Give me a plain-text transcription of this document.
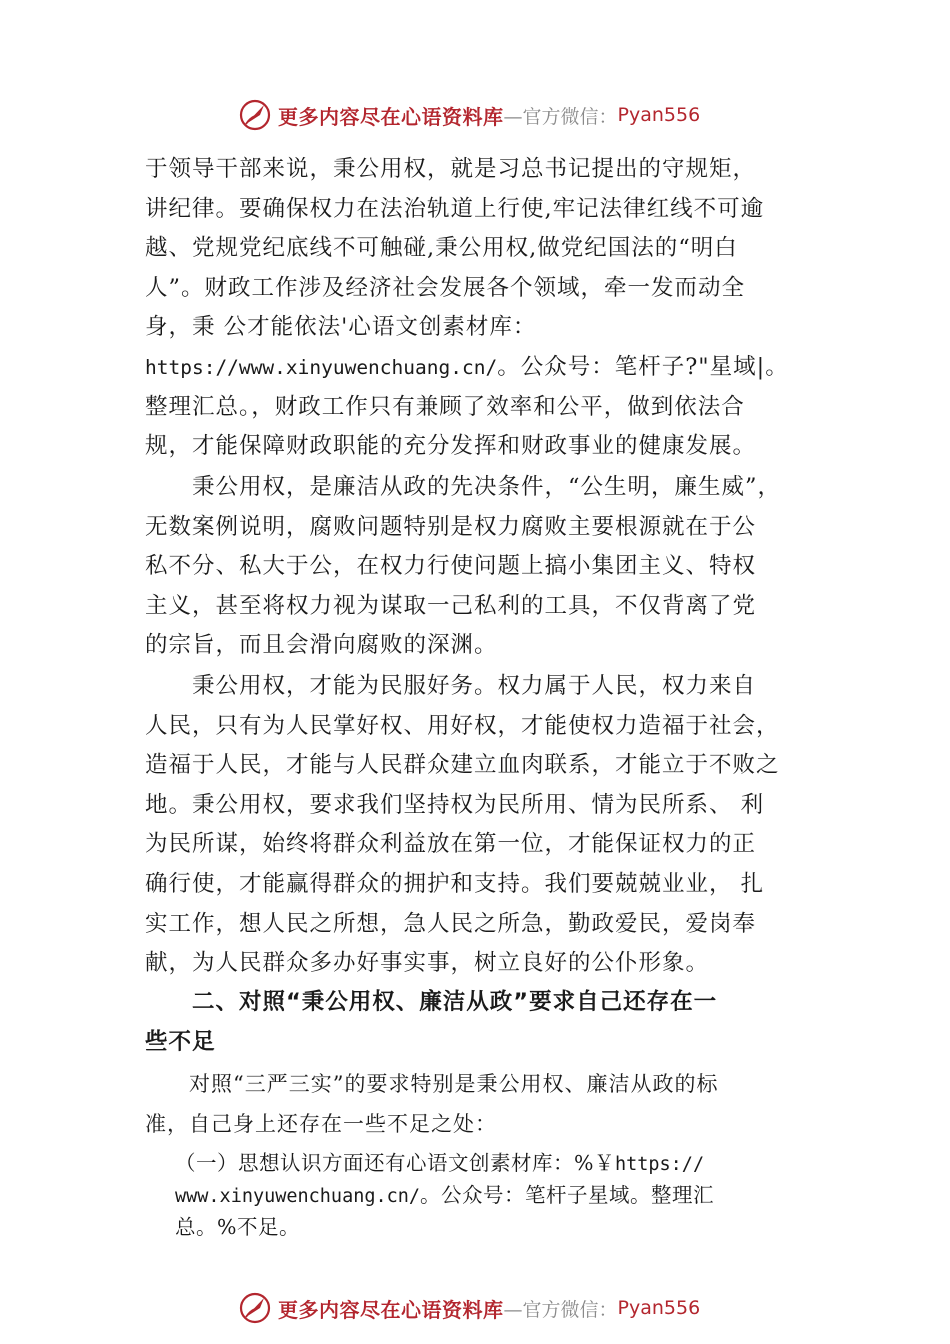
更多内容尽在心语资料库 —官方微信： Pyan556
于领导干部来说，秉公用权，就是习总书记提出的守规矩，
讲纪律。要确保权力在法治轨道上行使,牢记法律红线不可逾
越、党规党纪底线不可触碰,秉公用权,做党纪国法的“明白
人”。财政工作涉及经济社会发展各个领域，牵一发而动全
身，秉 公才能依法'心语文创素材库：
https://www.xinyuwenchuang.cn/。公众号：笔杆子?"星域|。
整理汇总。，财政工作只有兼顾了效率和公平，做到依法合
规，才能保障财政职能的充分发挥和财政事业的健康发展。
　　秉公用权，是廉洁从政的先决条件，“公生明，廉生威”，
无数案例说明，腐败问题特别是权力腐败主要根源就在于公
私不分、私大于公，在权力行使问题上搞小集团主义、特权
主义，甚至将权力视为谋取一己私利的工具，不仅背离了党
的宗旨，而且会滑向腐败的深渊。
　　秉公用权，才能为民服好务。权力属于人民，权力来自
人民，只有为人民掌好权、用好权，才能使权力造福于社会，
造福于人民，才能与人民群众建立血肉联系，才能立于不败之
地。秉公用权，要求我们坚持权为民所用、情为民所系、 利
为民所谋，始终将群众利益放在第一位，才能保证权力的正
确行使，才能赢得群众的拥护和支持。我们要兢兢业业， 扎
实工作，想人民之所想，急人民之所急，勤政爱民，爱岗奉
献，为人民群众多办好事实事，树立良好的公仆形象。
　　二、对照“秉公用权、廉洁从政”要求自己还存在一
些不足
　　对照“三严三实”的要求特别是秉公用权、廉洁从政的标
准，自己身上还存在一些不足之处：
（一）思想认识方面还有心语文创素材库：%￥https://
www.xinyuwenchuang.cn/。公众号：笔杆子星域。整理汇
总。%不足。
更多内容尽在心语资料库 —官方微信： Pyan556
